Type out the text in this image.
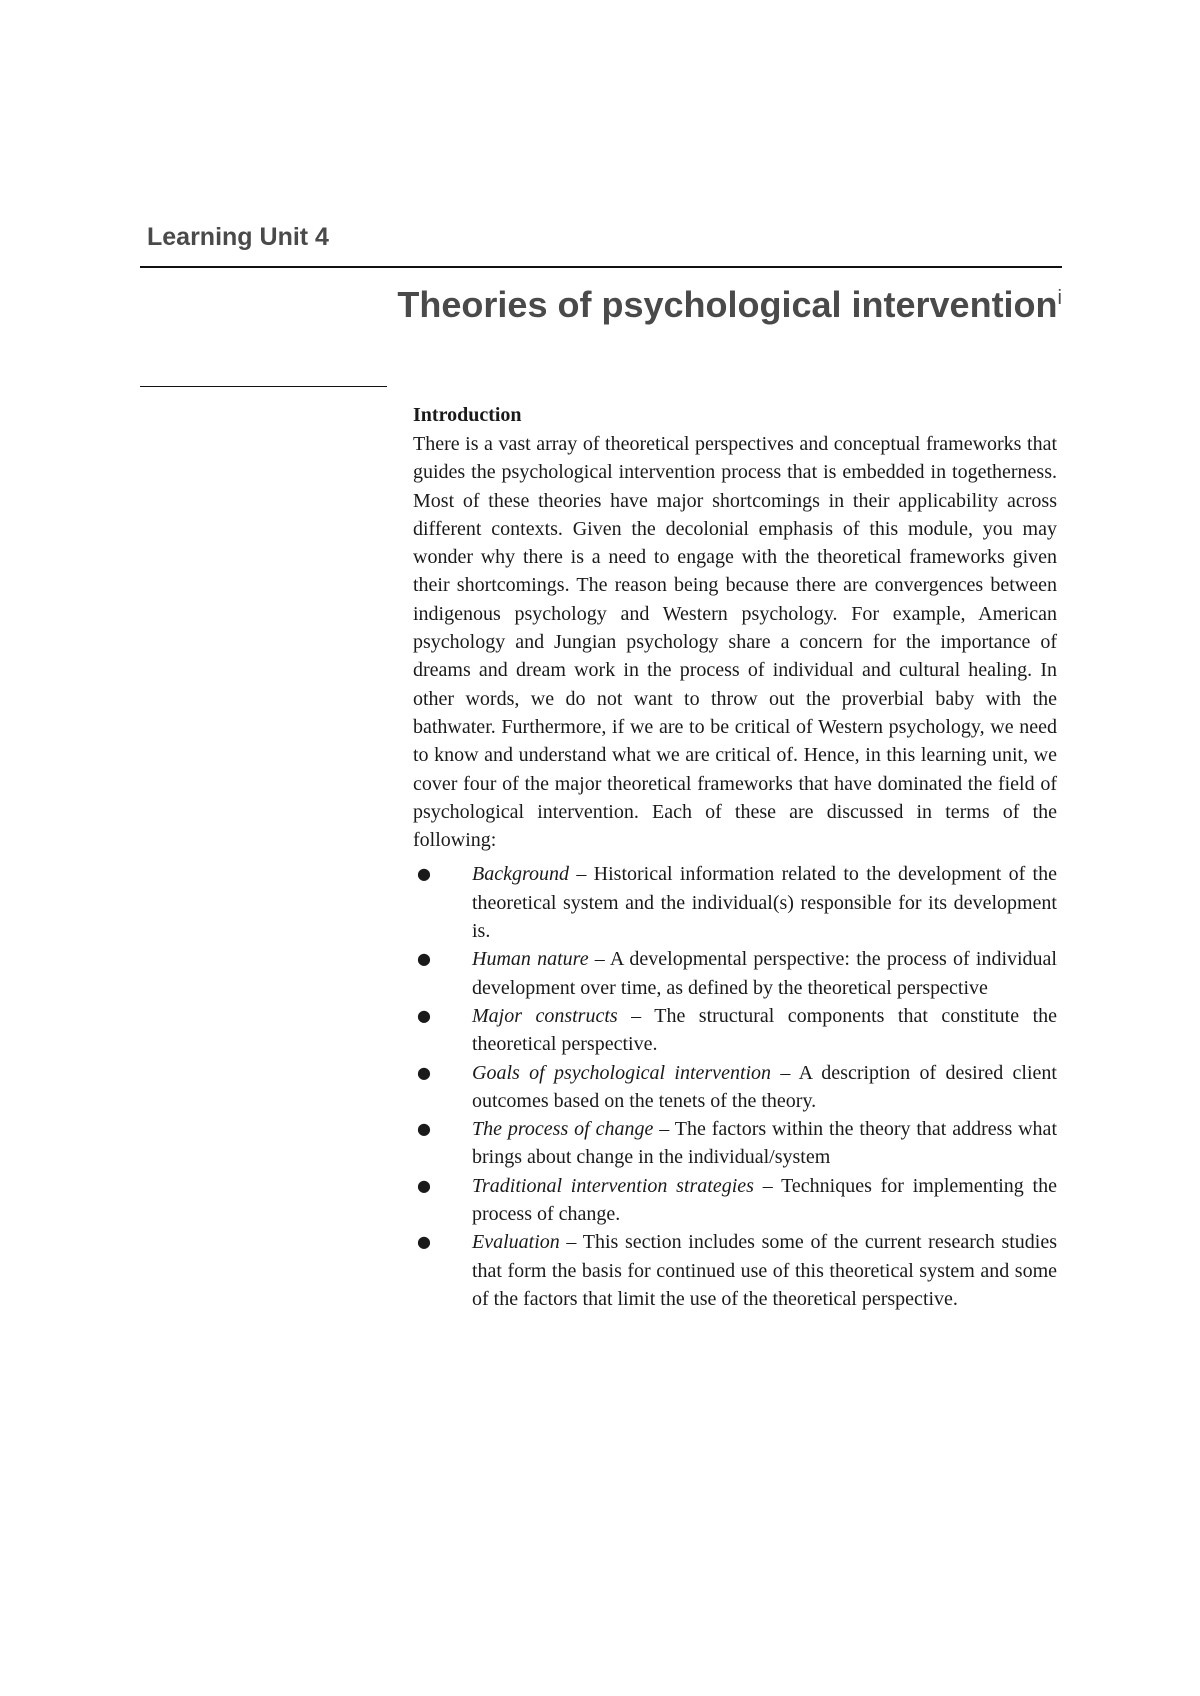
Learning Unit 4
Theories of psychological intervention$^i$
Introduction

There is a vast array of theoretical perspectives and conceptual frameworks that guides the psychological intervention process that is embedded in togetherness. Most of these theories have major shortcomings in their applicability across different contexts. Given the decolonial emphasis of this module, you may wonder why there is a need to engage with the theoretical frameworks given their shortcomings. The reason being because there are convergences between indigenous psychology and Western psychology. For example, American psychology and Jungian psychology share a concern for the importance of dreams and dream work in the process of individual and cultural healing. In other words, we do not want to throw out the proverbial baby with the bathwater. Furthermore, if we are to be critical of Western psychology, we need to know and understand what we are critical of. Hence, in this learning unit, we cover four of the major theoretical frameworks that have dominated the field of psychological intervention. Each of these are discussed in terms of the following:

● Background – Historical information related to the development of the theoretical system and the individual(s) responsible for its development is.
● Human nature – A developmental perspective: the process of individual development over time, as defined by the theoretical perspective
● Major constructs – The structural components that constitute the theoretical perspective.
● Goals of psychological intervention – A description of desired client outcomes based on the tenets of the theory.
● The process of change – The factors within the theory that address what brings about change in the individual/system
● Traditional intervention strategies – Techniques for implementing the process of change.
● Evaluation – This section includes some of the current research studies that form the basis for continued use of this theoretical system and some of the factors that limit the use of the theoretical perspective.
